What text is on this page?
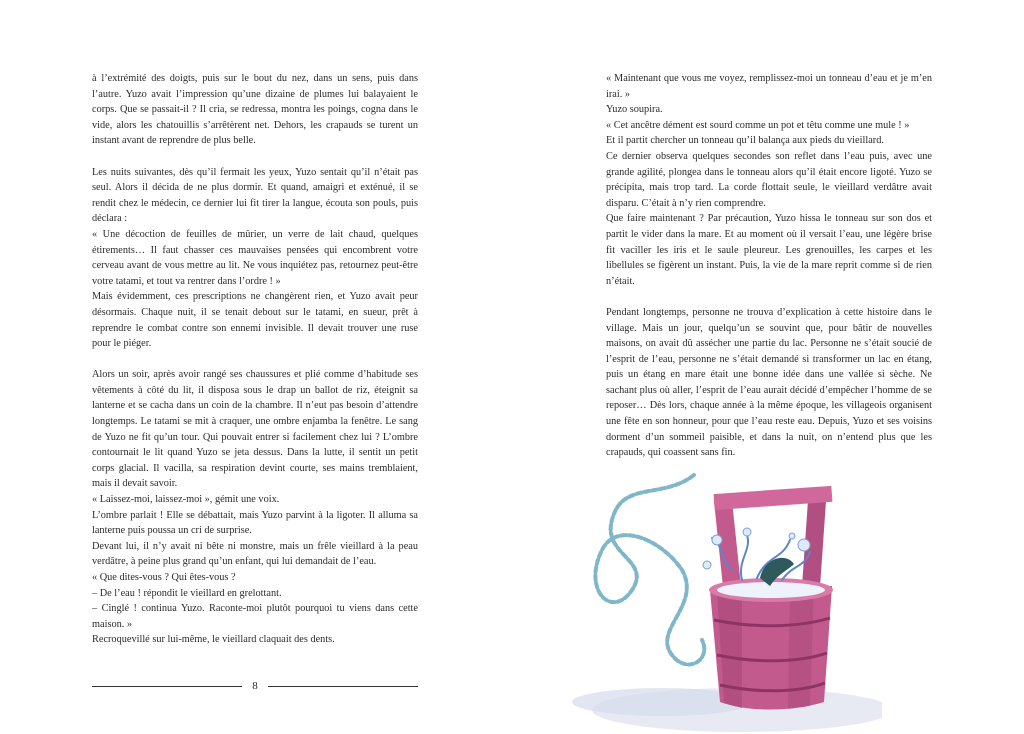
à l’extrémité des doigts, puis sur le bout du nez, dans un sens, puis dans l’autre. Yuzo avait l’impression qu’une dizaine de plumes lui balayaient le corps. Que se passait-il ? Il cria, se redressa, montra les poings, cogna dans le vide, alors les chatouillis s’arrêtèrent net. Dehors, les crapauds se turent un instant avant de reprendre de plus belle.

Les nuits suivantes, dès qu’il fermait les yeux, Yuzo sentait qu’il n’était pas seul. Alors il décida de ne plus dormir. Et quand, amaigri et exténué, il se rendit chez le médecin, ce dernier lui fit tirer la langue, écouta son pouls, puis déclara :

« Une décoction de feuilles de mûrier, un verre de lait chaud, quelques étirements… Il faut chasser ces mauvaises pensées qui encombrent votre cerveau avant de vous mettre au lit. Ne vous inquiétez pas, retournez peut-être votre tatami, et tout va rentrer dans l’ordre ! »

Mais évidemment, ces prescriptions ne changèrent rien, et Yuzo avait peur désormais. Chaque nuit, il se tenait debout sur le tatami, en sueur, prêt à reprendre le combat contre son ennemi invisible. Il devait trouver une ruse pour le piéger.

Alors un soir, après avoir rangé ses chaussures et plié comme d’habitude ses vêtements à côté du lit, il disposa sous le drap un ballot de riz, éteignit sa lanterne et se cacha dans un coin de la chambre. Il n’eut pas besoin d’attendre longtemps. Le tatami se mit à craquer, une ombre enjamba la fenêtre. Le sang de Yuzo ne fit qu’un tour. Qui pouvait entrer si facilement chez lui ? L’ombre contournait le lit quand Yuzo se jeta dessus. Dans la lutte, il sentit un petit corps glacial. Il vacilla, sa respiration devint courte, ses mains tremblaient, mais il devait savoir.

« Laissez-moi, laissez-moi », gémit une voix.

L’ombre parlait ! Elle se débattait, mais Yuzo parvint à la ligoter. Il alluma sa lanterne puis poussa un cri de surprise.

Devant lui, il n’y avait ni bête ni monstre, mais un frêle vieillard à la peau verdâtre, à peine plus grand qu’un enfant, qui lui demandait de l’eau.

« Que dites-vous ? Qui êtes-vous ?

– De l’eau ! répondit le vieillard en grelottant.

– Cinglé ! continua Yuzo. Raconte-moi plutôt pourquoi tu viens dans cette maison. »

Recroquevillé sur lui-même, le vieillard claquait des dents.

8

« Maintenant que vous me voyez, remplissez-moi un tonneau d’eau et je m’en irai. »

Yuzo soupira.

« Cet ancêtre dément est sourd comme un pot et têtu comme une mule ! »

Et il partit chercher un tonneau qu’il balança aux pieds du vieillard.

Ce dernier observa quelques secondes son reflet dans l’eau puis, avec une grande agilité, plongea dans le tonneau alors qu’il était encore ligoté. Yuzo se précipita, mais trop tard. La corde flottait seule, le vieillard verdâtre avait disparu. C’était à n’y rien comprendre.

Que faire maintenant ? Par précaution, Yuzo hissa le tonneau sur son dos et partit le vider dans la mare. Et au moment où il versait l’eau, une légère brise fit vaciller les iris et le saule pleureur. Les grenouilles, les carpes et les libellules se figèrent un instant. Puis, la vie de la mare reprit comme si de rien n’était.

Pendant longtemps, personne ne trouva d’explication à cette histoire dans le village. Mais un jour, quelqu’un se souvint que, pour bâtir de nouvelles maisons, on avait dû assécher une partie du lac. Personne ne s’était soucié de l’esprit de l’eau, personne ne s’était demandé si transformer un lac en étang, puis un étang en mare était une bonne idée dans une vallée si sèche. Ne sachant plus où aller, l’esprit de l’eau aurait décidé d’empêcher l’homme de se reposer… Dès lors, chaque année à la même époque, les villageois organisent une fête en son honneur, pour que l’eau reste eau. Depuis, Yuzo et ses voisins dorment d’un sommeil paisible, et dans la nuit, on n’entend plus que les crapauds, qui coassent sans fin.
